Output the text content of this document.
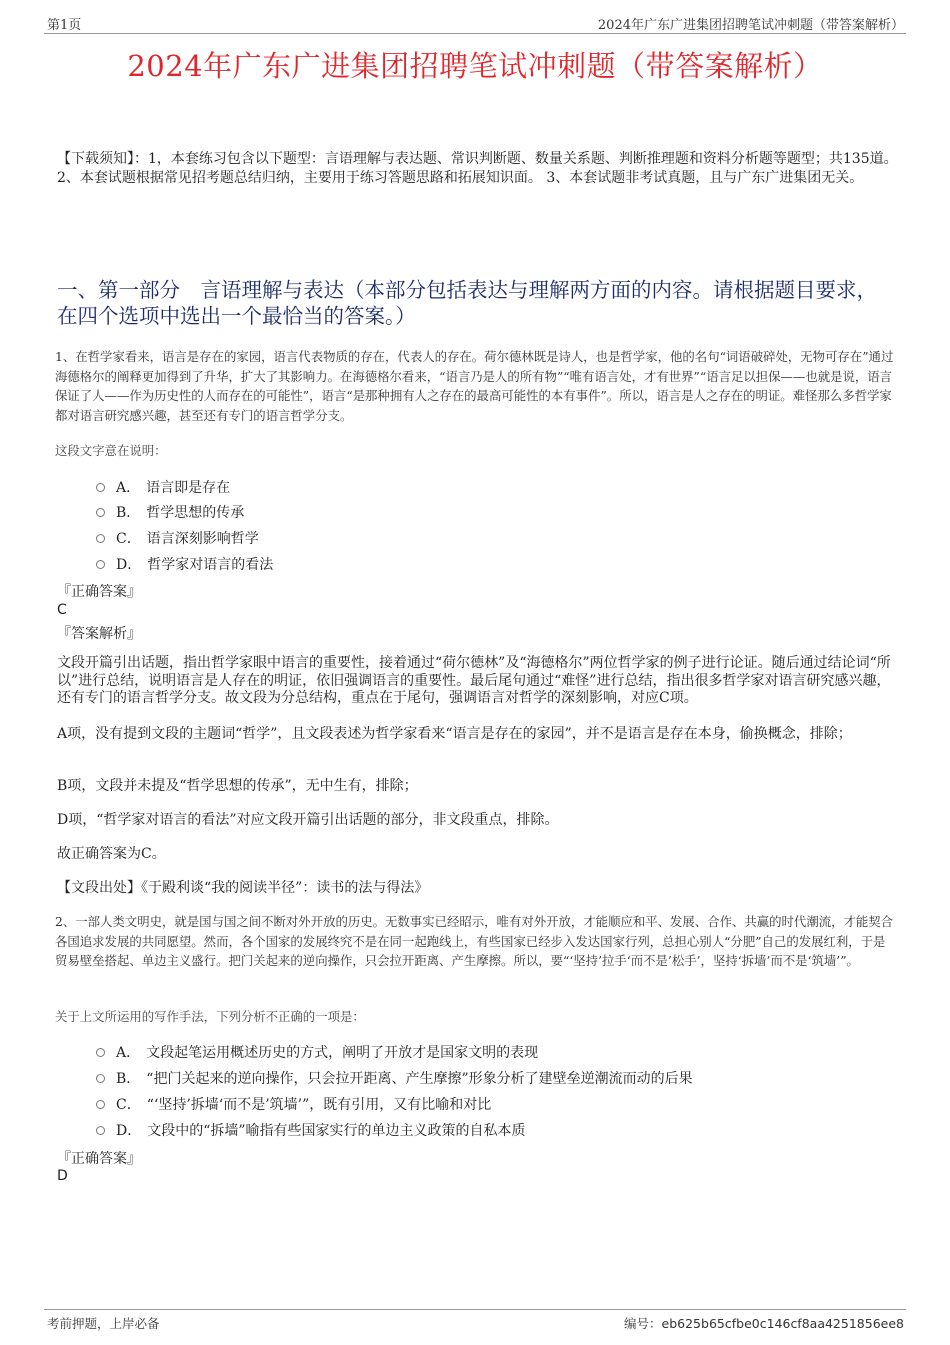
第1页	2024年广东广进集团招聘笔试冲刺题（带答案解析）
2024年广东广进集团招聘笔试冲刺题（带答案解析）
【下载须知】：1，本套练习包含以下题型：言语理解与表达题、常识判断题、数量关系题、判断推理题和资料分析题等题型；共135道。 2、本套试题根据常见招考题总结归纳，主要用于练习答题思路和拓展知识面。 3、本套试题非考试真题，且与广东广进集团无关。
一、第一部分　言语理解与表达（本部分包括表达与理解两方面的内容。请根据题目要求，在四个选项中选出一个最恰当的答案。）
1、在哲学家看来，语言是存在的家园，语言代表物质的存在，代表人的存在。荷尔德林既是诗人，也是哲学家，他的名句“词语破碎处，无物可存在”通过海德格尔的阐释更加得到了升华，扩大了其影响力。在海德格尔看来，“语言乃是人的所有物”“唯有语言处，才有世界”“语言足以担保——也就是说，语言保证了人——作为历史性的人而存在的可能性”，语言“是那种拥有人之存在的最高可能性的本有事件”。所以，语言是人之存在的明证。难怪那么多哲学家都对语言研究感兴趣，甚至还有专门的语言哲学分支。
这段文字意在说明：
A． 语言即是存在
B． 哲学思想的传承
C． 语言深刻影响哲学
D． 哲学家对语言的看法
『正确答案』
C
『答案解析』
文段开篇引出话题，指出哲学家眼中语言的重要性，接着通过“荷尔德林”及“海德格尔”两位哲学家的例子进行论证。随后通过结论词“所以”进行总结，说明语言是人存在的明证，依旧强调语言的重要性。最后尾句通过“难怪”进行总结，指出很多哲学家对语言研究感兴趣，还有专门的语言哲学分支。故文段为分总结构，重点在于尾句，强调语言对哲学的深刻影响，对应C项。
A项，没有提到文段的主题词“哲学”，且文段表述为哲学家看来“语言是存在的家园”，并不是语言是存在本身，偷换概念，排除；
B项，文段并未提及“哲学思想的传承”，无中生有，排除；
D项，“哲学家对语言的看法”对应文段开篇引出话题的部分，非文段重点，排除。
故正确答案为C。
【文段出处】《于殿利谈“我的阅读半径”：读书的法与得法》
2、一部人类文明史，就是国与国之间不断对外开放的历史。无数事实已经昭示，唯有对外开放，才能顺应和平、发展、合作、共赢的时代潮流，才能契合各国追求发展的共同愿望。然而，各个国家的发展终究不是在同一起跑线上，有些国家已经步入发达国家行列，总担心别人“分肥”自己的发展红利，于是贸易壁垒搭起、单边主义盛行。把门关起来的逆向操作，只会拉开距离、产生摩擦。所以，要“‘坚持’拉手‘而不是’松手’，坚持‘拆墙’而不是‘筑墙’”。
关于上文所运用的写作手法，下列分析不正确的一项是：
A． 文段起笔运用概述历史的方式，阐明了开放才是国家文明的表现
B． “把门关起来的逆向操作，只会拉开距离、产生摩擦”形象分析了建壁垒逆潮流而动的后果
C． “‘坚持’拆墙‘而不是’筑墙’”，既有引用，又有比喻和对比
D． 文段中的“拆墙”喻指有些国家实行的单边主义政策的自私本质
『正确答案』
D
考前押题，上岸必备	编号：eb625b65cfbe0c146cf8aa4251856ee8
